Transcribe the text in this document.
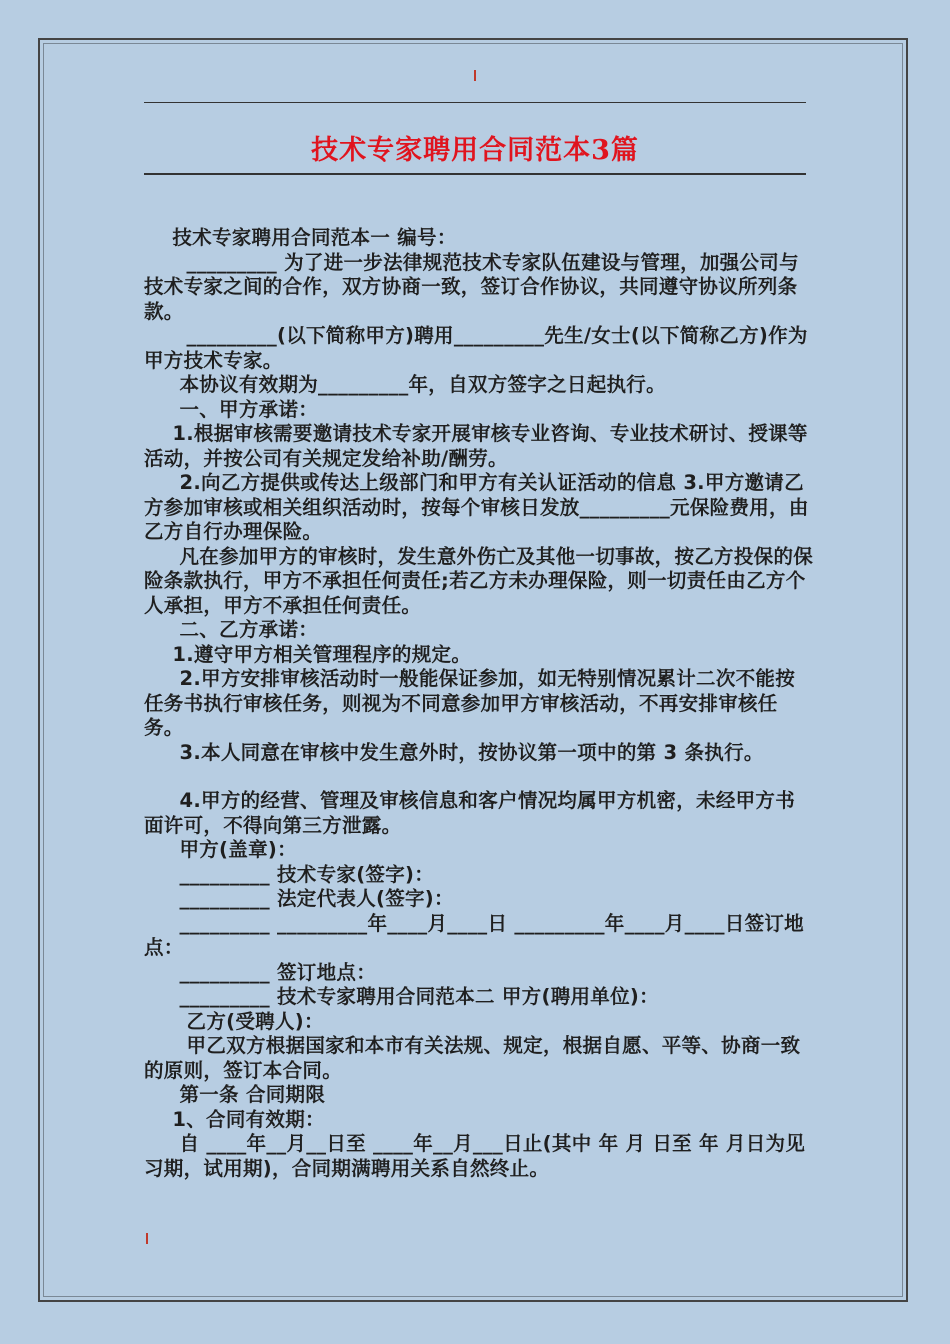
技术专家聘用合同范本3篇

技术专家聘用合同范本一 编号：

_________ 为了进一步法律规范技术专家队伍建设与管理，加强公司与技术专家之间的合作，双方协商一致，签订合作协议，共同遵守协议所列条款。

_________(以下简称甲方)聘用_________先生/女士(以下简称乙方)作为甲方技术专家。

本协议有效期为_________年，自双方签字之日起执行。

一、甲方承诺：

1.根据审核需要邀请技术专家开展审核专业咨询、专业技术研讨、授课等活动，并按公司有关规定发给补助/酬劳。

2.向乙方提供或传达上级部门和甲方有关认证活动的信息 3.甲方邀请乙方参加审核或相关组织活动时，按每个审核日发放_________元保险费用，由乙方自行办理保险。

凡在参加甲方的审核时，发生意外伤亡及其他一切事故，按乙方投保的保险条款执行，甲方不承担任何责任;若乙方未办理保险，则一切责任由乙方个人承担，甲方不承担任何责任。

二、乙方承诺：

1.遵守甲方相关管理程序的规定。

2.甲方安排审核活动时一般能保证参加，如无特别情况累计二次不能按任务书执行审核任务，则视为不同意参加甲方审核活动，不再安排审核任务。

3.本人同意在审核中发生意外时，按协议第一项中的第 3 条执行。

4.甲方的经营、管理及审核信息和客户情况均属甲方机密，未经甲方书面许可，不得向第三方泄露。

甲方(盖章)：

_________ 技术专家(签字)：

_________ 法定代表人(签字)：

_________ _________年____月____日 _________年____月____日签订地点：

_________ 签订地点：

_________ 技术专家聘用合同范本二 甲方(聘用单位)：

乙方(受聘人)：

甲乙双方根据国家和本市有关法规、规定，根据自愿、平等、协商一致的原则，签订本合同。

第一条 合同期限

1、合同有效期：

自 ____年__月__日至 ____年__月___日止(其中 年 月 日至 年 月日为见习期，试用期)，合同期满聘用关系自然终止。
